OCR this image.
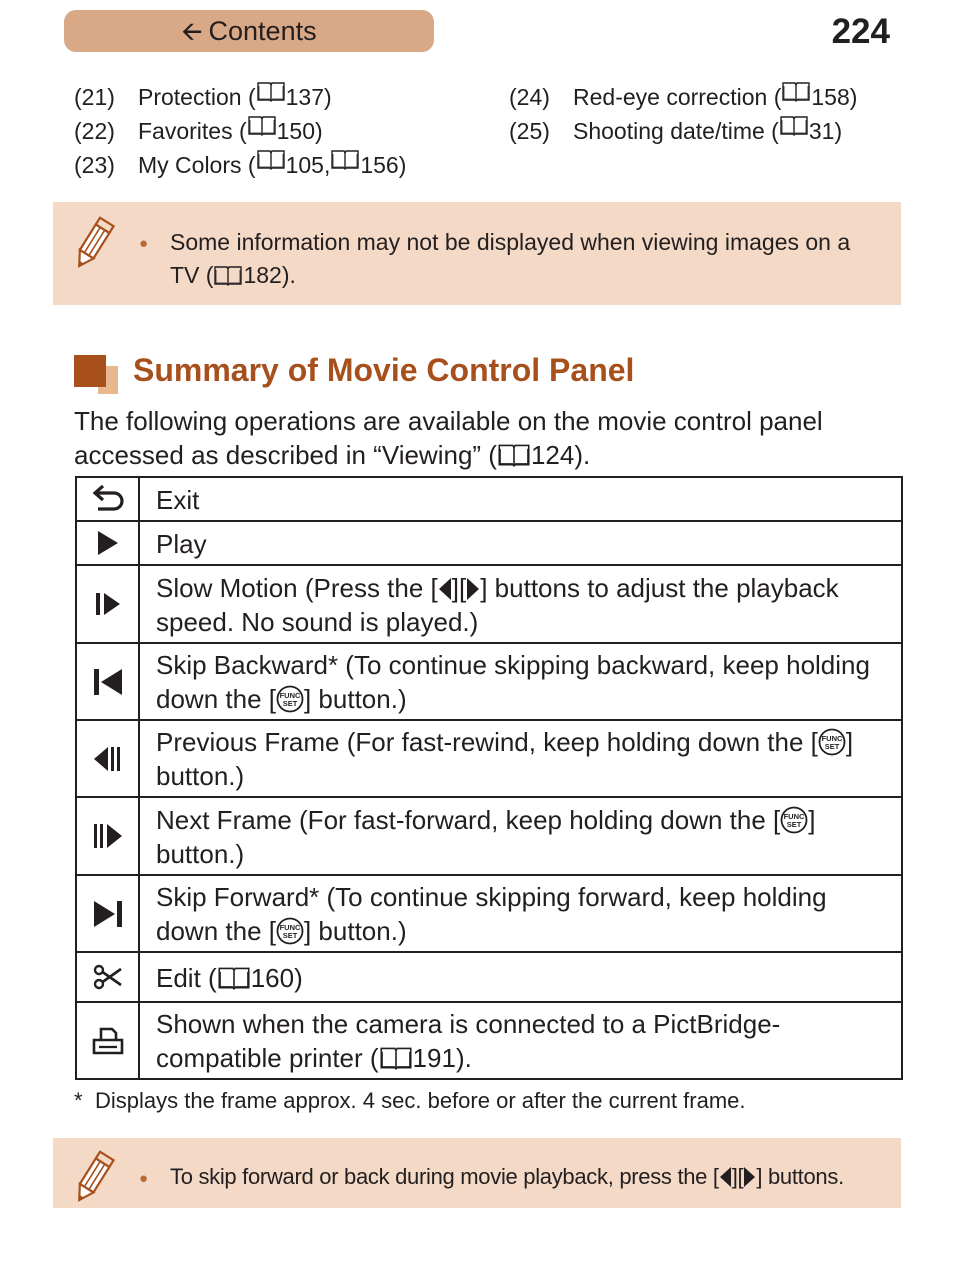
🡨 Contents	224
(21)	Protection ( 137 )
(22)	Favorites ( 150 )
(23)	My Colors ( 105 , 156 )
(24)	Red-eye correction ( 158 )
(25)	Shooting date/time ( 31 )
● Some information may not be displayed when viewing images on a TV ( 182).
Summary of Movie Control Panel
The following operations are available on the movie control panel accessed as described in “Viewing” ( 124).
	Exit

	Play

	Slow Motion (Press the [ ][ ] buttons to adjust the playback speed. No sound is played.)

	Skip Backward* (To continue skipping backward, keep holding down the [ FUNC
SET ] button.)

	Previous Frame (For fast-rewind, keep holding down the [ FUNC
SET ] button.)

	Next Frame (For fast-forward, keep holding down the [ FUNC
SET ] button.)

	Skip Forward* (To continue skipping forward, keep holding down the [ FUNC
SET ] button.)

	Edit ( 160)

	Shown when the camera is connected to a PictBridge-compatible printer ( 191).
* Displays the frame approx. 4 sec. before or after the current frame.
● To skip forward or back during movie playback, press the [ ][ ] buttons.
